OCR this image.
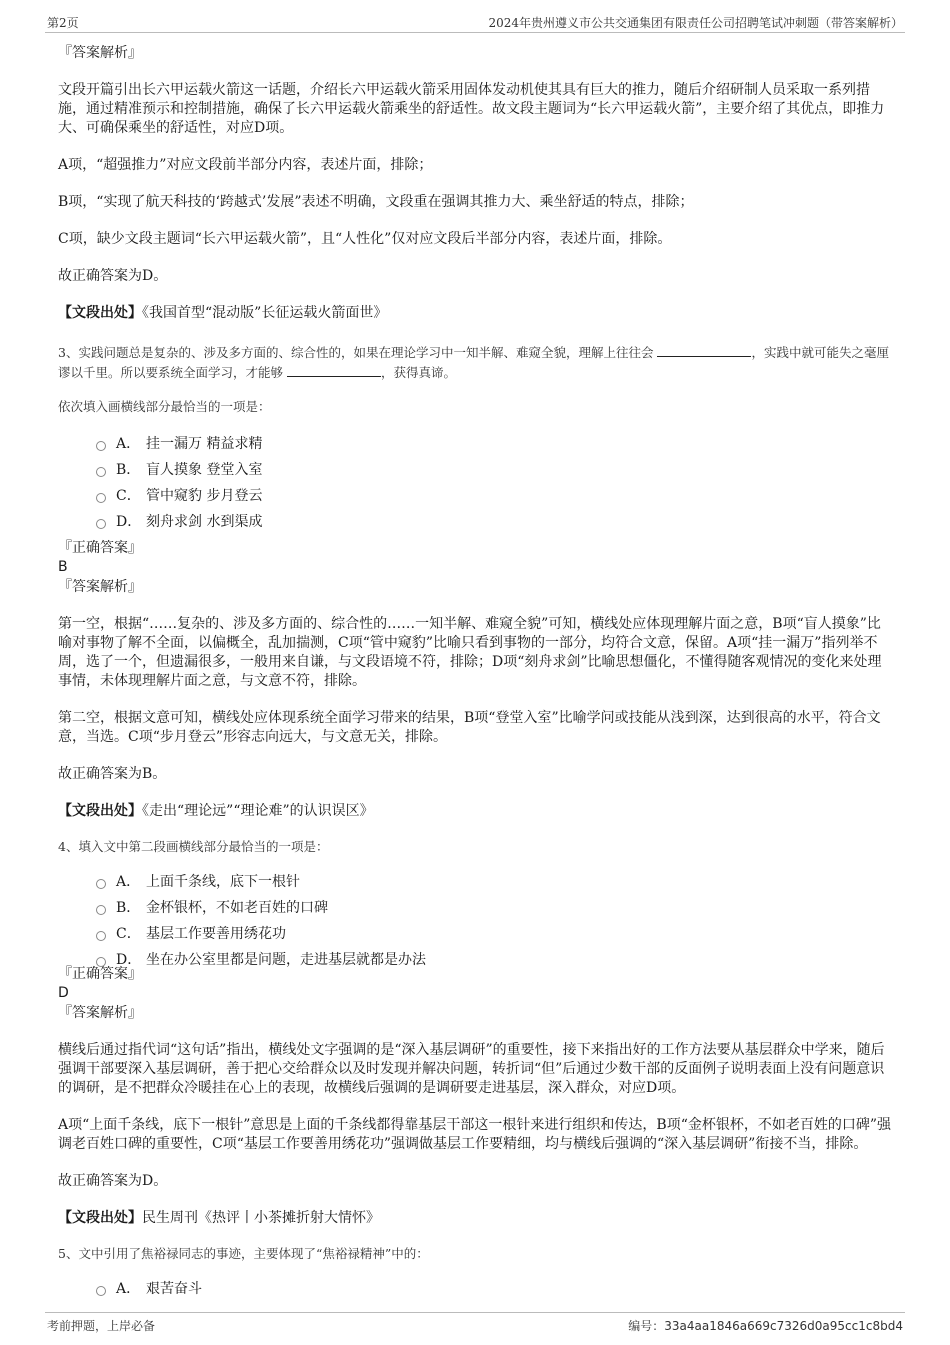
第2页	2024年贵州遵义市公共交通集团有限责任公司招聘笔试冲刺题（带答案解析）

『答案解析』

文段开篇引出长六甲运载火箭这一话题，介绍长六甲运载火箭采用固体发动机使其具有巨大的推力，随后介绍研制人员采取一系列措施，通过精准预示和控制措施，确保了长六甲运载火箭乘坐的舒适性。故文段主题词为“长六甲运载火箭”，主要介绍了其优点，即推力大、可确保乘坐的舒适性，对应D项。

A项，“超强推力”对应文段前半部分内容，表述片面，排除；

B项，“实现了航天科技的‘跨越式’发展”表述不明确，文段重在强调其推力大、乘坐舒适的特点，排除；

C项，缺少文段主题词“长六甲运载火箭”，且“人性化”仅对应文段后半部分内容，表述片面，排除。

故正确答案为D。

【文段出处】《我国首型“混动版”长征运载火箭面世》

3、实践问题总是复杂的、涉及多方面的、综合性的，如果在理论学习中一知半解、难窥全貌，理解上往往会	，实践中就可能失之毫厘谬以千里。所以要系统全面学习，才能够	，获得真谛。

依次填入画横线部分最恰当的一项是：

A． 挂一漏万 精益求精
B． 盲人摸象 登堂入室
C． 管中窥豹 步月登云
D． 刻舟求剑 水到渠成

『正确答案』

B

『答案解析』

第一空，根据“……复杂的、涉及多方面的、综合性的……一知半解、难窥全貌”可知，横线处应体现理解片面之意，B项“盲人摸象”比喻对事物了解不全面，以偏概全，乱加揣测，C项“管中窥豹”比喻只看到事物的一部分，均符合文意，保留。A项“挂一漏万”指列举不周，选了一个，但遗漏很多，一般用来自谦，与文段语境不符，排除；D项“刻舟求剑”比喻思想僵化，不懂得随客观情况的变化来处理事情，未体现理解片面之意，与文意不符，排除。

第二空，根据文意可知，横线处应体现系统全面学习带来的结果，B项“登堂入室”比喻学问或技能从浅到深，达到很高的水平，符合文意，当选。C项“步月登云”形容志向远大，与文意无关，排除。

故正确答案为B。

【文段出处】《走出“理论远”“理论难”的认识误区》

4、填入文中第二段画横线部分最恰当的一项是：

A． 上面千条线，底下一根针
B． 金杯银杯，不如老百姓的口碑
C． 基层工作要善用绣花功
D． 坐在办公室里都是问题，走进基层就都是办法

『正确答案』

D

『答案解析』

横线后通过指代词“这句话”指出，横线处文字强调的是“深入基层调研”的重要性，接下来指出好的工作方法要从基层群众中学来，随后强调干部要深入基层调研，善于把心交给群众以及时发现并解决问题，转折词“但”后通过少数干部的反面例子说明表面上没有问题意识的调研，是不把群众冷暖挂在心上的表现，故横线后强调的是调研要走进基层，深入群众，对应D项。

A项“上面千条线，底下一根针”意思是上面的千条线都得靠基层干部这一根针来进行组织和传达，B项“金杯银杯，不如老百姓的口碑”强调老百姓口碑的重要性，C项“基层工作要善用绣花功”强调做基层工作要精细，均与横线后强调的“深入基层调研”衔接不当，排除。

故正确答案为D。

【文段出处】民生周刊《热评丨小茶摊折射大情怀》

5、文中引用了焦裕禄同志的事迹，主要体现了“焦裕禄精神”中的：

A． 艰苦奋斗
考前押题，上岸必备	编号：33a4aa1846a669c7326d0a95cc1c8bd4
